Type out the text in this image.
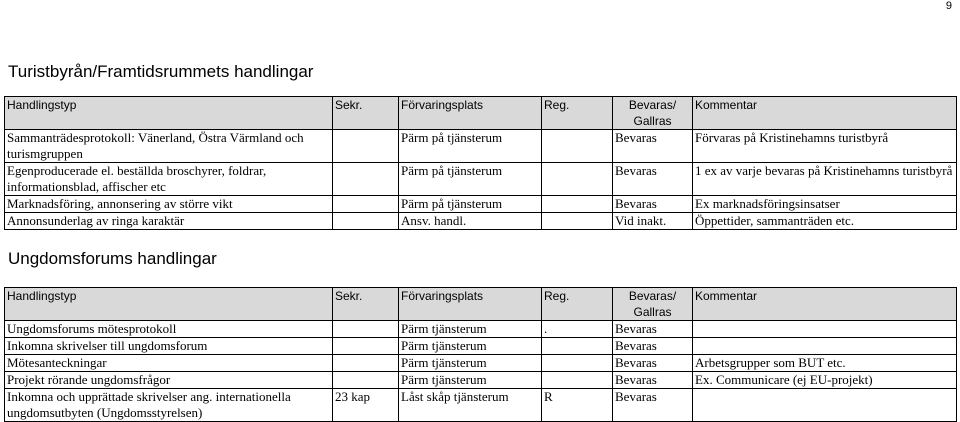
9
Turistbyrån/Framtidsrummets handlingar
Handlingstyp	Sekr.	Förvaringsplats	Reg.	Bevaras/ Gallras	Kommentar
Sammanträdesprotokoll: Vänerland, Östra Värmland och turismgruppen		Pärm på tjänsterum		Bevaras	Förvaras på Kristinehamns turistbyrå
Egenproducerade el. beställda broschyrer, foldrar, informationsblad, affischer etc		Pärm på tjänsterum		Bevaras	1 ex av varje bevaras på Kristinehamns turistbyrå
Marknadsföring, annonsering av större vikt		Pärm på tjänsterum		Bevaras	Ex marknadsföringsinsatser
Annonsunderlag av ringa karaktär		Ansv. handl.		Vid inakt.	Öppettider, sammanträden etc.
Ungdomsforums handlingar
Handlingstyp	Sekr.	Förvaringsplats	Reg.	Bevaras/ Gallras	Kommentar
Ungdomsforums mötesprotokoll		Pärm tjänsterum	.	Bevaras	
Inkomna skrivelser till ungdomsforum		Pärm tjänsterum		Bevaras	
Mötesanteckningar		Pärm tjänsterum		Bevaras	Arbetsgrupper som BUT etc.
Projekt rörande ungdomsfrågor		Pärm tjänsterum		Bevaras	Ex. Communicare (ej EU-projekt)
Inkomna och upprättade skrivelser ang. internationella ungdomsutbyten (Ungdomsstyrelsen)	23 kap	Låst skåp tjänsterum	R	Bevaras	
